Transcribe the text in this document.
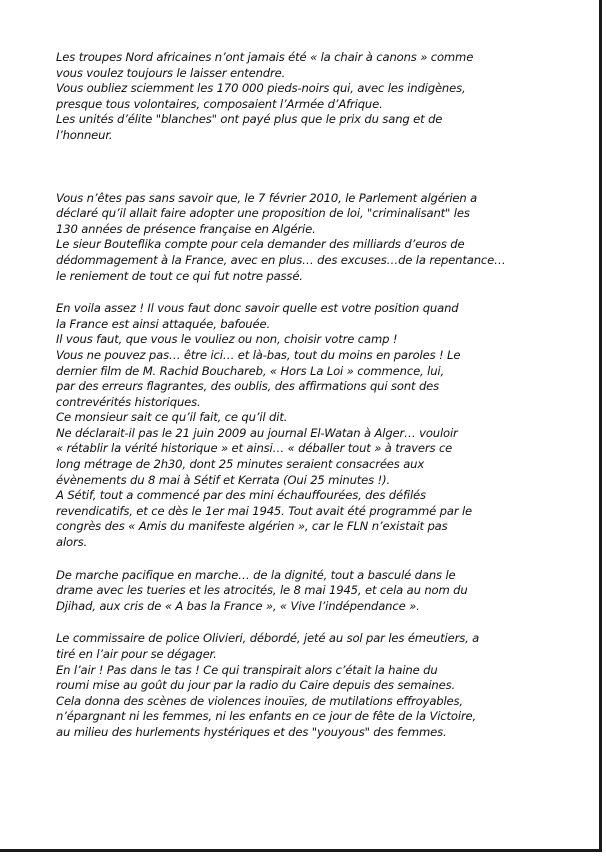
Les troupes Nord africaines n’ont jamais été « la chair à canons » comme
vous voulez toujours le laisser entendre.
Vous oubliez sciemment les 170 000 pieds-noirs qui, avec les indigènes,
presque tous volontaires, composaient l’Armée d’Afrique.
Les unités d’élite "blanches" ont payé plus que le prix du sang et de
l’honneur.

Vous n’êtes pas sans savoir que, le 7 février 2010, le Parlement algérien a
déclaré qu’il allait faire adopter une proposition de loi, "criminalisant" les
130 années de présence française en Algérie.
Le sieur Bouteflika compte pour cela demander des milliards d’euros de
dédommagement à la France, avec en plus… des excuses…de la repentance…
le reniement de tout ce qui fut notre passé.

En voila assez ! Il vous faut donc savoir quelle est votre position quand
la France est ainsi attaquée, bafouée.
Il vous faut, que vous le vouliez ou non, choisir votre camp !
Vous ne pouvez pas… être ici… et là-bas, tout du moins en paroles ! Le
dernier film de M. Rachid Bouchareb, « Hors La Loi » commence, lui,
par des erreurs flagrantes, des oublis, des affirmations qui sont des
contrevérités historiques.
Ce monsieur sait ce qu’il fait, ce qu’il dit.
Ne déclarait-il pas le 21 juin 2009 au journal El-Watan à Alger… vouloir
« rétablir la vérité historique » et ainsi… « déballer tout » à travers ce
long métrage de 2h30, dont 25 minutes seraient consacrées aux
évènements du 8 mai à Sétif et Kerrata (Oui 25 minutes !).
A Sétif, tout a commencé par des mini échauffourées, des défilés
revendicatifs, et ce dès le 1er mai 1945. Tout avait été programmé par le
congrès des « Amis du manifeste algérien », car le FLN n’existait pas
alors.

De marche pacifique en marche… de la dignité, tout a basculé dans le
drame avec les tueries et les atrocités, le 8 mai 1945, et cela au nom du
Djihad, aux cris de « A bas la France », « Vive l’indépendance ».

Le commissaire de police Olivieri, débordé, jeté au sol par les émeutiers, a
tiré en l’air pour se dégager.
En l’air ! Pas dans le tas ! Ce qui transpirait alors c’était la haine du
roumi mise au goût du jour par la radio du Caire depuis des semaines.
Cela donna des scènes de violences inouïes, de mutilations effroyables,
n’épargnant ni les femmes, ni les enfants en ce jour de fête de la Victoire,
au milieu des hurlements hystériques et des "youyous" des femmes.
